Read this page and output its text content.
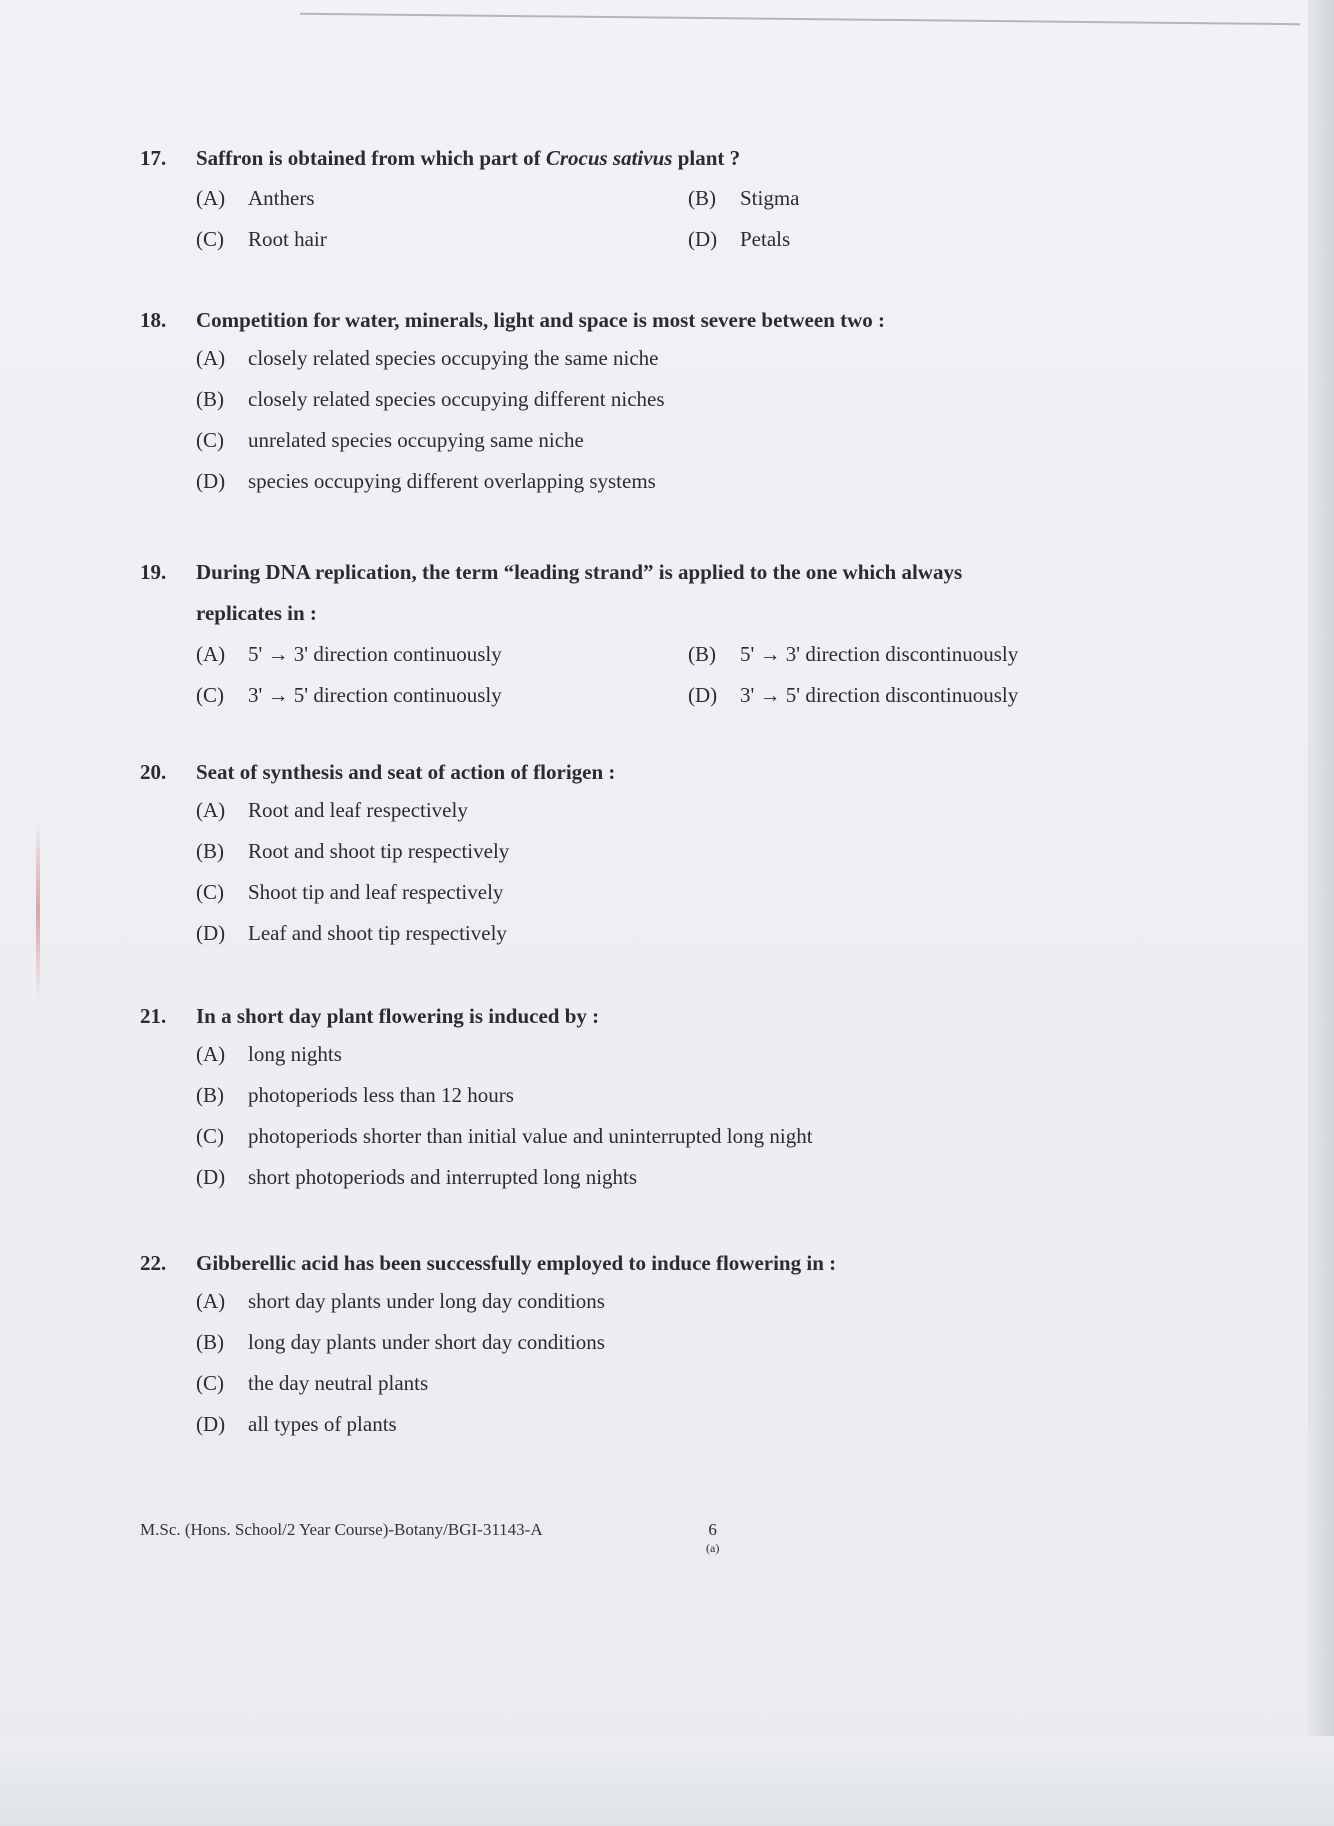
17.	Saffron is obtained from which part of Crocus sativus plant ?
(A) Anthers	(B) Stigma
(C) Root hair	(D) Petals
18.	Competition for water, minerals, light and space is most severe between two :
(A) closely related species occupying the same niche
(B) closely related species occupying different niches
(C) unrelated species occupying same niche
(D) species occupying different overlapping systems
19.	During DNA replication, the term “leading strand” is applied to the one which always replicates in :
(A) 5' → 3' direction continuously	(B) 5' → 3' direction discontinuously
(C) 3' → 5' direction continuously	(D) 3' → 5' direction discontinuously
20.	Seat of synthesis and seat of action of florigen :
(A) Root and leaf respectively
(B) Root and shoot tip respectively
(C) Shoot tip and leaf respectively
(D) Leaf and shoot tip respectively
21.	In a short day plant flowering is induced by :
(A) long nights
(B) photoperiods less than 12 hours
(C) photoperiods shorter than initial value and uninterrupted long night
(D) short photoperiods and interrupted long nights
22.	Gibberellic acid has been successfully employed to induce flowering in :
(A) short day plants under long day conditions
(B) long day plants under short day conditions
(C) the day neutral plants
(D) all types of plants
M.Sc. (Hons. School/2 Year Course)-Botany/BGI-31143-A	6
(a)
